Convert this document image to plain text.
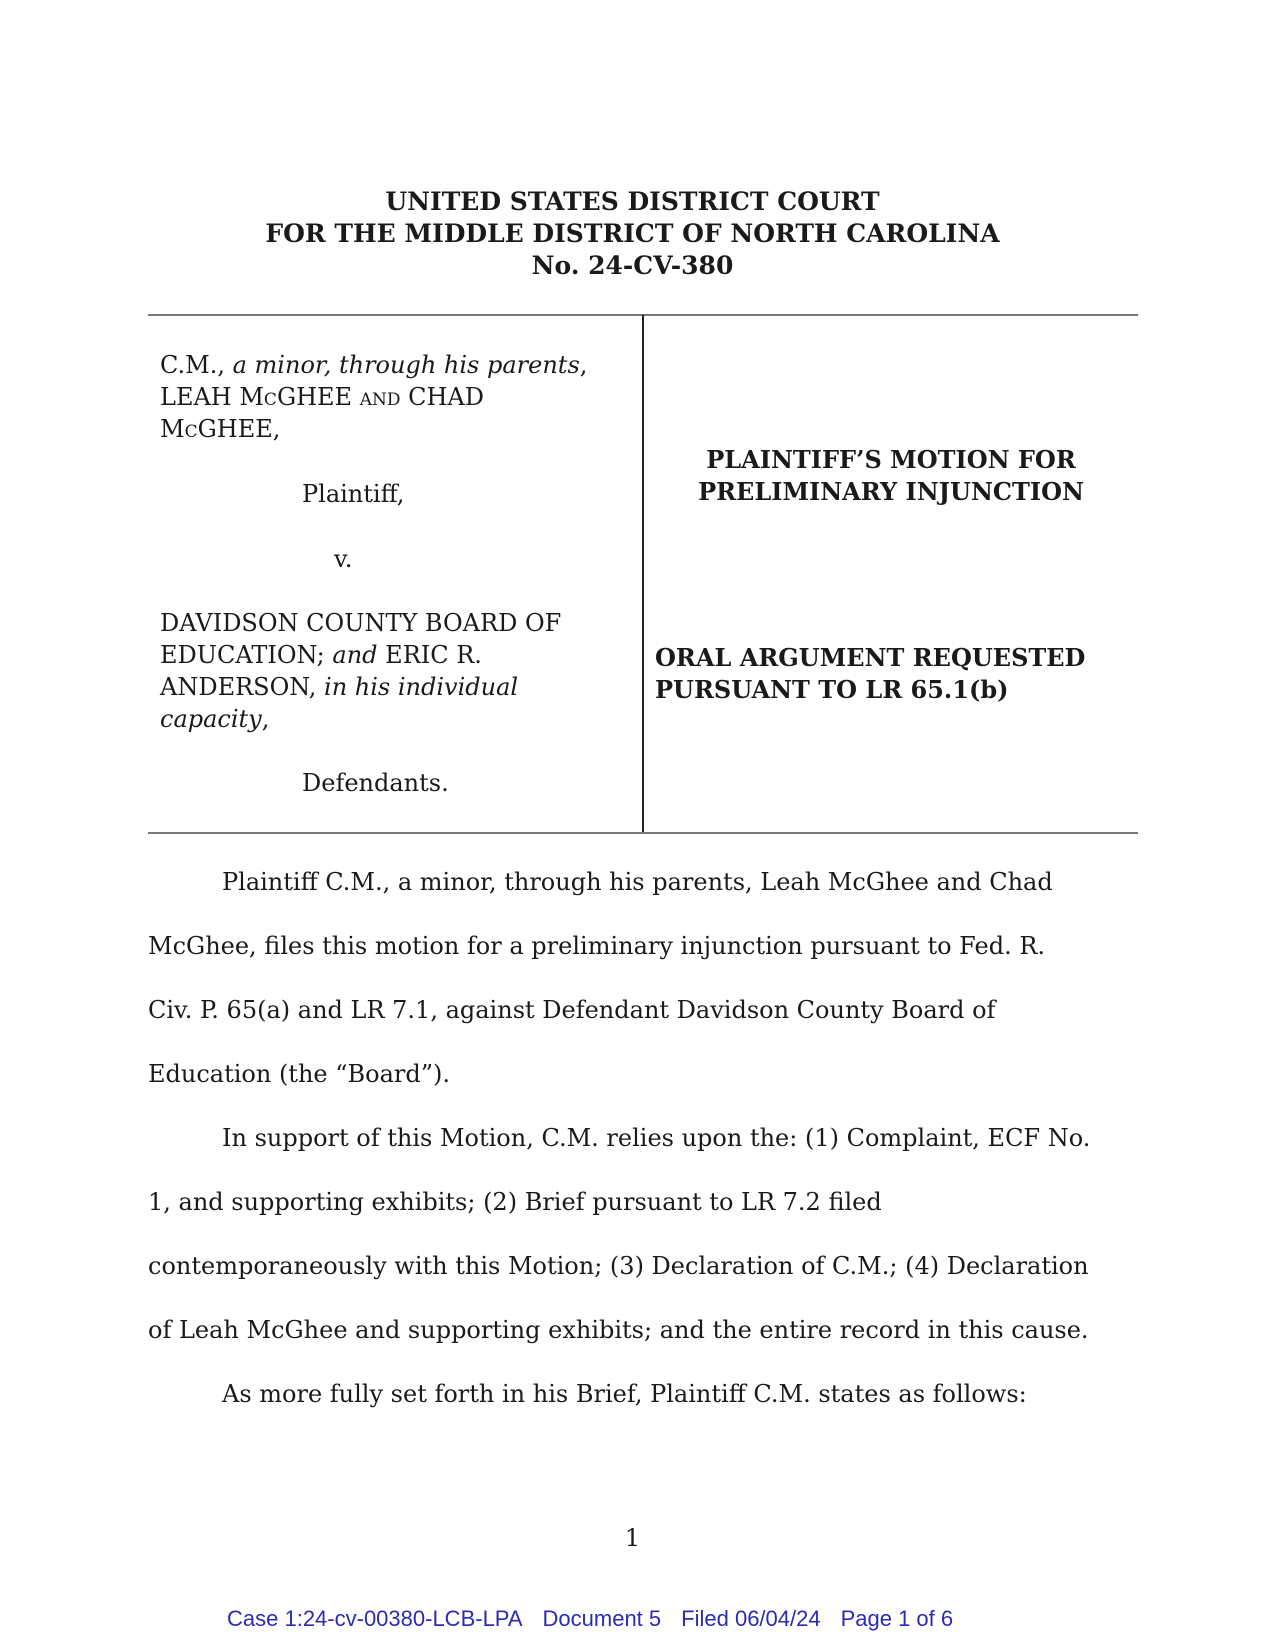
UNITED STATES DISTRICT COURT
FOR THE MIDDLE DISTRICT OF NORTH CAROLINA
No. 24-CV-380
C.M., a minor, through his parents,
LEAH McGHEE and CHAD
McGHEE,
Plaintiff,
v.
DAVIDSON COUNTY BOARD OF
EDUCATION; and ERIC R.
ANDERSON, in his individual
capacity,
Defendants.
PLAINTIFF’S MOTION FOR
PRELIMINARY INJUNCTION
ORAL ARGUMENT REQUESTED
PURSUANT TO LR 65.1(b)
Plaintiff C.M., a minor, through his parents, Leah McGhee and Chad
McGhee, files this motion for a preliminary injunction pursuant to Fed. R.
Civ. P. 65(a) and LR 7.1, against Defendant Davidson County Board of
Education (the “Board”).
In support of this Motion, C.M. relies upon the: (1) Complaint, ECF No.
1, and supporting exhibits; (2) Brief pursuant to LR 7.2 filed
contemporaneously with this Motion; (3) Declaration of C.M.; (4) Declaration
of Leah McGhee and supporting exhibits; and the entire record in this cause.
As more fully set forth in his Brief, Plaintiff C.M. states as follows:
1
Case 1:24-cv-00380-LCB-LPA Document 5 Filed 06/04/24 Page 1 of 6
